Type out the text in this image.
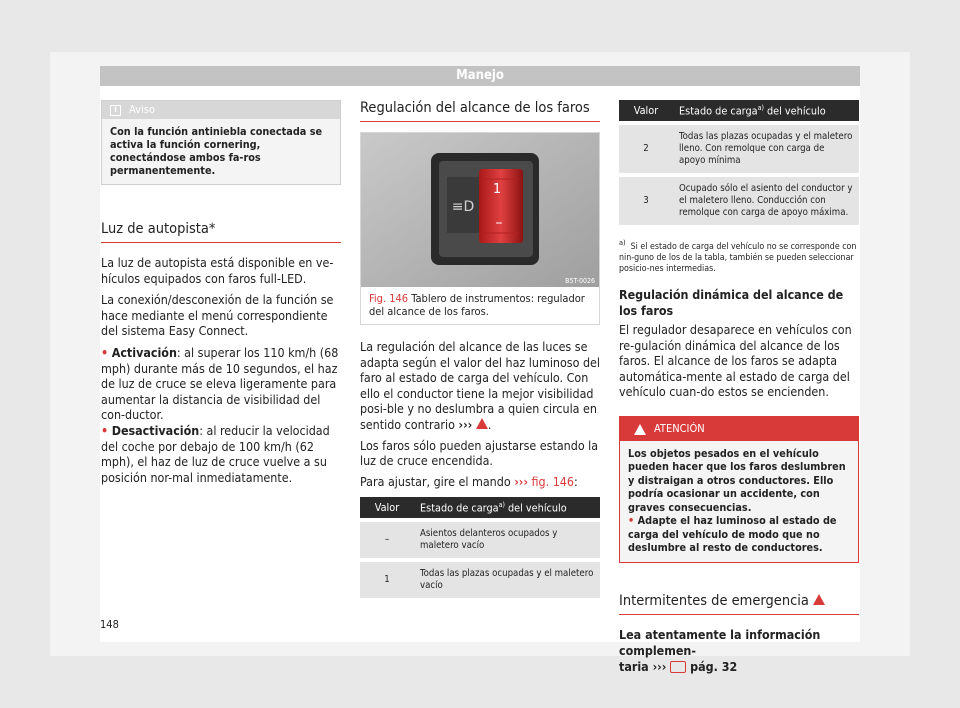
Manejo
i	Aviso
Con la función antiniebla conectada se activa la función cornering, conectándose ambos fa-ros permanentemente.
Luz de autopista*

La luz de autopista está disponible en ve-hículos equipados con faros full-LED.

La conexión/desconexión de la función se hace mediante el menú correspondiente del sistema Easy Connect.

• Activación: al superar los 110 km/h (68 mph) durante más de 10 segundos, el haz de luz de cruce se eleva ligeramente para aumentar la distancia de visibilidad del con-ductor.

• Desactivación: al reducir la velocidad del coche por debajo de 100 km/h (62 mph), el haz de luz de cruce vuelve a su posición nor-mal inmediatamente.

Regulación del alcance de los faros
≡D
1
–
B5T-0026
Fig. 146 Tablero de instrumentos: regulador del alcance de los faros.

La regulación del alcance de las luces se adapta según el valor del haz luminoso del faro al estado de carga del vehículo. Con ello el conductor tiene la mejor visibilidad posi-ble y no deslumbra a quien circula en sentido contrario ››› .

Los faros sólo pueden ajustarse estando la luz de cruce encendida.

Para ajustar, gire el mando ››› fig. 146:

Valor	Estado de carga$^{a)}$ del vehículo

–	Asientos delanteros ocupados y maletero vacío

1	Todas las plazas ocupadas y el maletero vacío
Valor	Estado de carga$^{a)}$ del vehículo

2	Todas las plazas ocupadas y el maletero lleno. Con remolque con carga de apoyo mínima

3	Ocupado sólo el asiento del conductor y el maletero lleno. Conducción con remolque con carga de apoyo máxima.

$^{a)}$ Si el estado de carga del vehículo no se corresponde con nin-guno de los de la tabla, también se pueden seleccionar posicio-nes intermedias.

Regulación dinámica del alcance de los faros

El regulador desaparece en vehículos con re-gulación dinámica del alcance de los faros. El alcance de los faros se adapta automática-mente al estado de carga del vehículo cuan-do estos se encienden.

ATENCIÓN
Los objetos pesados en el vehículo pueden hacer que los faros deslumbren y distraigan a otros conductores. Ello podría ocasionar un accidente, con graves consecuencias.
• Adapte el haz luminoso al estado de carga del vehículo de modo que no deslumbre al resto de conductores.
Intermitentes de emergencia

Lea atentamente la información complemen-
taria ››› pág. 32

148
